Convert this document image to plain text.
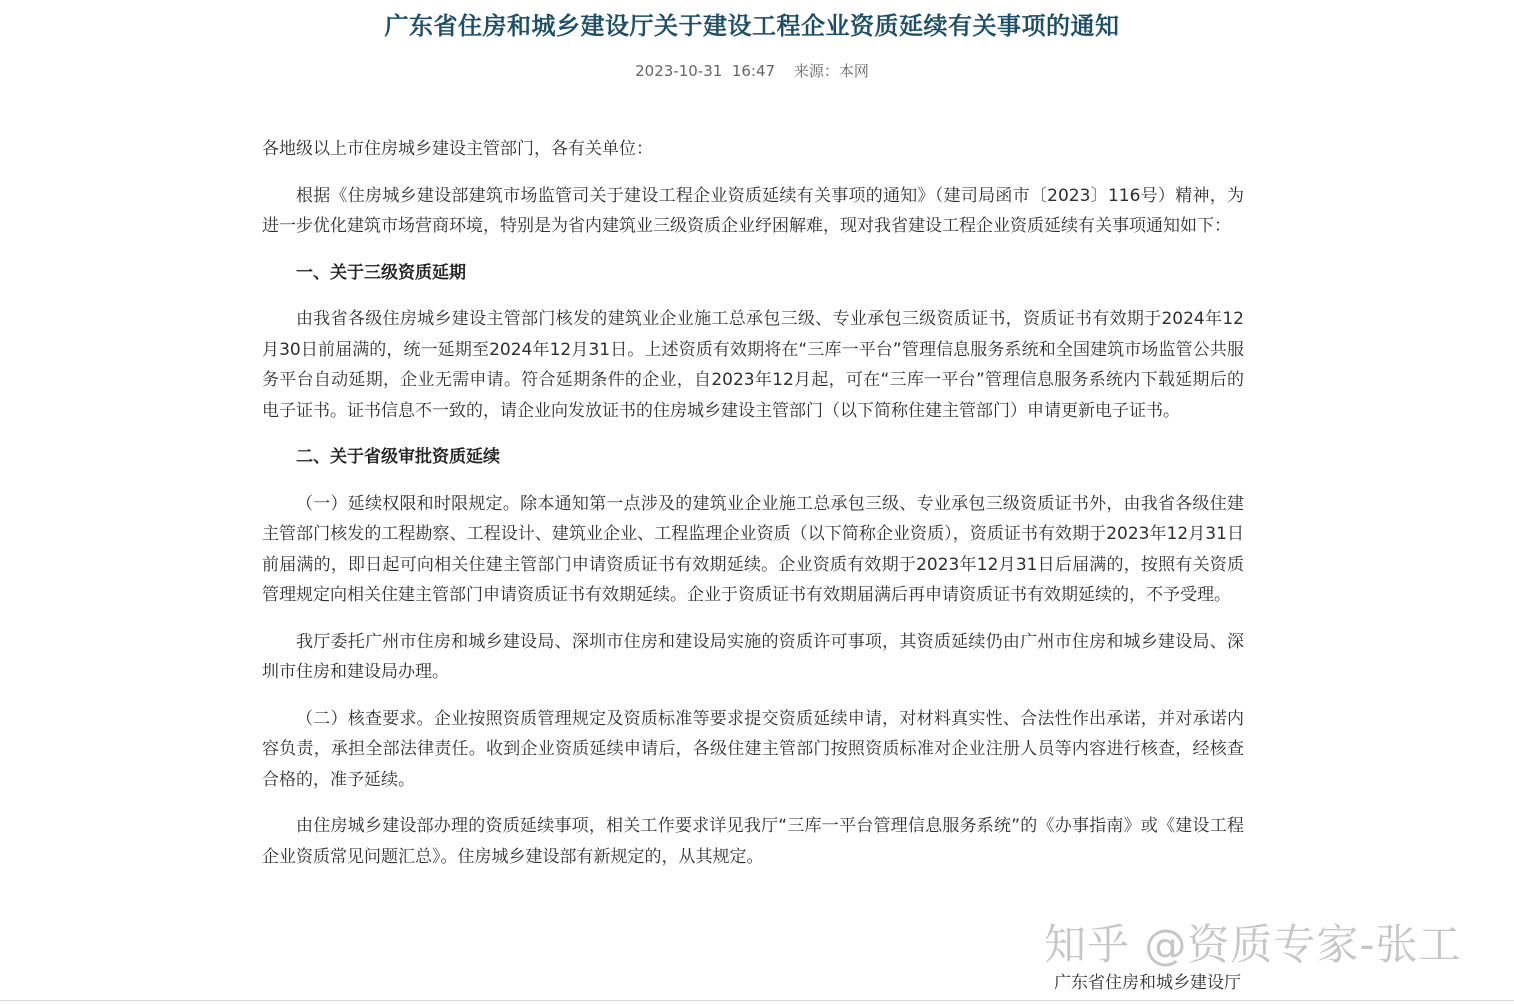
广东省住房和城乡建设厅关于建设工程企业资质延续有关事项的通知
2023-10-31  16:47 来源：本网

各地级以上市住房城乡建设主管部门，各有关单位：

根据《住房城乡建设部建筑市场监管司关于建设工程企业资质延续有关事项的通知》（建司局函市〔2023〕116号）精神，为进一步优化建筑市场营商环境，特别是为省内建筑业三级资质企业纾困解难，现对我省建设工程企业资质延续有关事项通知如下：

一、关于三级资质延期

由我省各级住房城乡建设主管部门核发的建筑业企业施工总承包三级、专业承包三级资质证书，资质证书有效期于2024年12月30日前届满的，统一延期至2024年12月31日。上述资质有效期将在“三库一平台”管理信息服务系统和全国建筑市场监管公共服务平台自动延期，企业无需申请。符合延期条件的企业，自2023年12月起，可在“三库一平台”管理信息服务系统内下载延期后的电子证书。证书信息不一致的，请企业向发放证书的住房城乡建设主管部门（以下简称住建主管部门）申请更新电子证书。

二、关于省级审批资质延续

（一）延续权限和时限规定。除本通知第一点涉及的建筑业企业施工总承包三级、专业承包三级资质证书外，由我省各级住建主管部门核发的工程勘察、工程设计、建筑业企业、工程监理企业资质（以下简称企业资质），资质证书有效期于2023年12月31日前届满的，即日起可向相关住建主管部门申请资质证书有效期延续。企业资质有效期于2023年12月31日后届满的，按照有关资质管理规定向相关住建主管部门申请资质证书有效期延续。企业于资质证书有效期届满后再申请资质证书有效期延续的，不予受理。

我厅委托广州市住房和城乡建设局、深圳市住房和建设局实施的资质许可事项，其资质延续仍由广州市住房和城乡建设局、深圳市住房和建设局办理。

（二）核查要求。企业按照资质管理规定及资质标准等要求提交资质延续申请，对材料真实性、合法性作出承诺，并对承诺内容负责，承担全部法律责任。收到企业资质延续申请后，各级住建主管部门按照资质标准对企业注册人员等内容进行核查，经核查合格的，准予延续。

由住房城乡建设部办理的资质延续事项，相关工作要求详见我厅“三库一平台管理信息服务系统”的《办事指南》或《建设工程企业资质常见问题汇总》。住房城乡建设部有新规定的，从其规定。

知乎 @资质专家-张工
广东省住房和城乡建设厅
